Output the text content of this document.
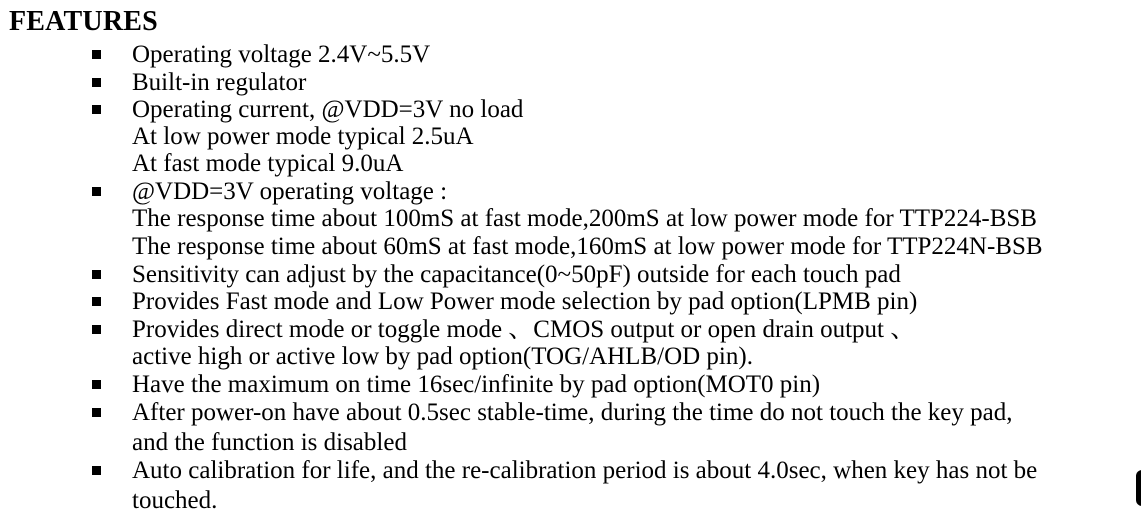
FEATURES
Operating voltage 2.4V~5.5V
Built-in regulator
Operating current, @VDD=3V no load
At low power mode typical 2.5uA
At fast mode typical 9.0uA
@VDD=3V operating voltage :
The response time about 100mS at fast mode,200mS at low power mode for TTP224-BSB
The response time about 60mS at fast mode,160mS at low power mode for TTP224N-BSB
Sensitivity can adjust by the capacitance(0~50pF) outside for each touch pad
Provides Fast mode and Low Power mode selection by pad option(LPMB pin)
Provides direct mode or toggle mode 、CMOS output or open drain output 、
active high or active low by pad option(TOG/AHLB/OD pin).
Have the maximum on time 16sec/infinite by pad option(MOT0 pin)
After power-on have about 0.5sec stable-time, during the time do not touch the key pad,
and the function is disabled
Auto calibration for life, and the re-calibration period is about 4.0sec, when key has not be
touched.
